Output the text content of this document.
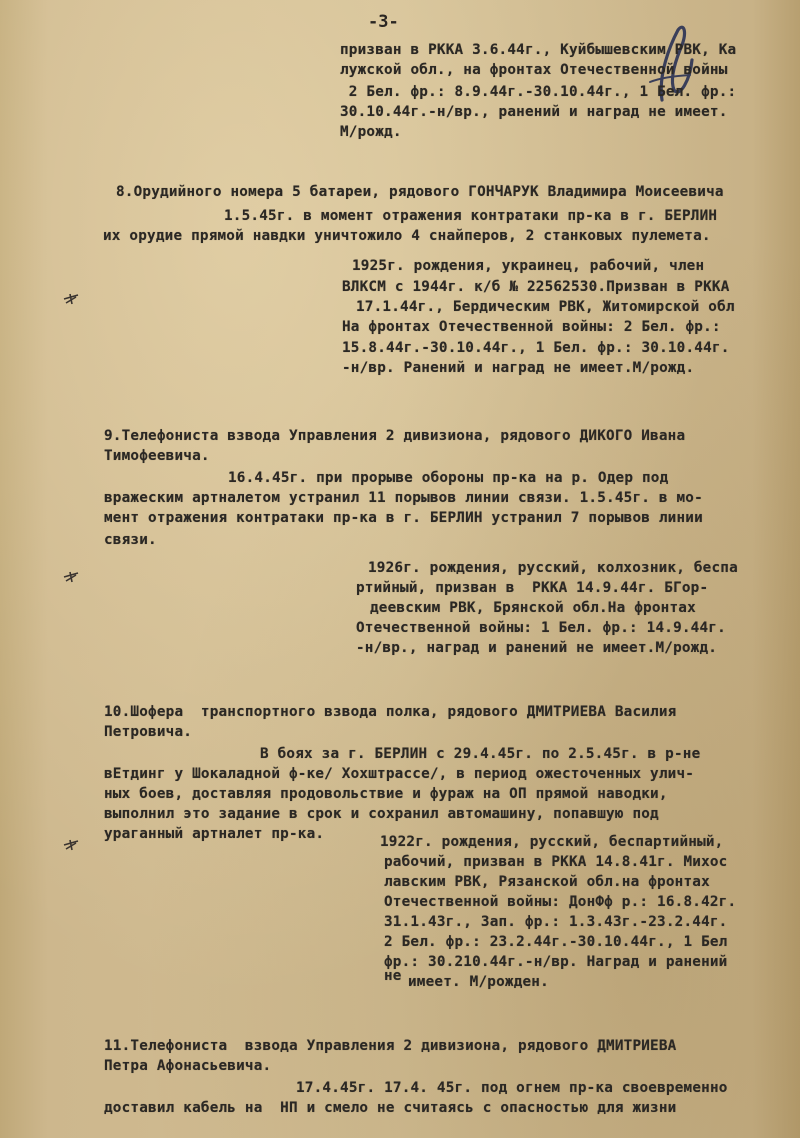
-3-
призван в РККА 3.6.44г., Куйбышевским РВК, Ка
лужской обл., на фронтах Отечественной войны
2 Бел. фр.: 8.9.44г.-30.10.44г., 1 Бел. фр.:
30.10.44г.-н/вр., ранений и наград не имеет.
М/рожд.
8.Орудийного номера 5 батареи, рядового ГОНЧАРУК Владимира Моисеевича
1.5.45г. в момент отражения контратаки пр-ка в г. БЕРЛИН
их орудие прямой навдки уничтожило 4 снайперов, 2 станковых пулемета.
1925г. рождения, украинец, рабочий, член
ВЛКСМ с 1944г. к/б № 22562530.Призван в РККА
17.1.44г., Бердическим РВК, Житомирской обл
На фронтах Отечественной войны: 2 Бел. фр.:
15.8.44г.-30.10.44г., 1 Бел. фр.: 30.10.44г.
-н/вр. Ранений и наград не имеет.М/рожд.
9.Телефониста взвода Управления 2 дивизиона, рядового ДИКОГО Ивана
Тимофеевича.
16.4.45г. при прорыве обороны пр-ка на р. Одер под
вражеским артналетом устранил 11 порывов линии связи. 1.5.45г. в мо-
мент отражения контратаки пр-ка в г. БЕРЛИН устранил 7 порывов линии
связи.
1926г. рождения, русский, колхозник, беспа
ртийный, призван в  РККА 14.9.44г. БГор-
деевским РВК, Брянской обл.На фронтах
Отечественной войны: 1 Бел. фр.: 14.9.44г.
-н/вр., наград и ранений не имеет.М/рожд.
10.Шофера  транспортного взвода полка, рядового ДМИТРИЕВА Василия
Петровича.
В боях за г. БЕРЛИН с 29.4.45г. по 2.5.45г. в р-не
вЕтдинг у Шокаладной ф-ке/ Хохштрассе/, в период ожесточенных улич-
ных боев, доставляя продовольствие и фураж на ОП прямой наводки,
выполнил это задание в срок и сохранил автомашину, попавшую под
ураганный артналет пр-ка.	1922г. рождения, русский, беспартийный,
рабочий, призван в РККА 14.8.41г. Михос
лавским РВК, Рязанской обл.на фронтах
Отечественной войны: ДонФф р.: 16.8.42г.
31.1.43г., Зап. фр.: 1.3.43г.-23.2.44г.
2 Бел. фр.: 23.2.44г.-30.10.44г., 1 Бел
фр.: 30.210.44г.-н/вр. Наград и ранений
не имеет. М/рожден.
11.Телефониста  взвода Управления 2 дивизиона, рядового ДМИТРИЕВА
Петра Афонасьевича.
17.4.45г. 17.4. 45г. под огнем пр-ка своевременно
доставил кабель на  НП и смело не считаясь с опасностью для жизни
